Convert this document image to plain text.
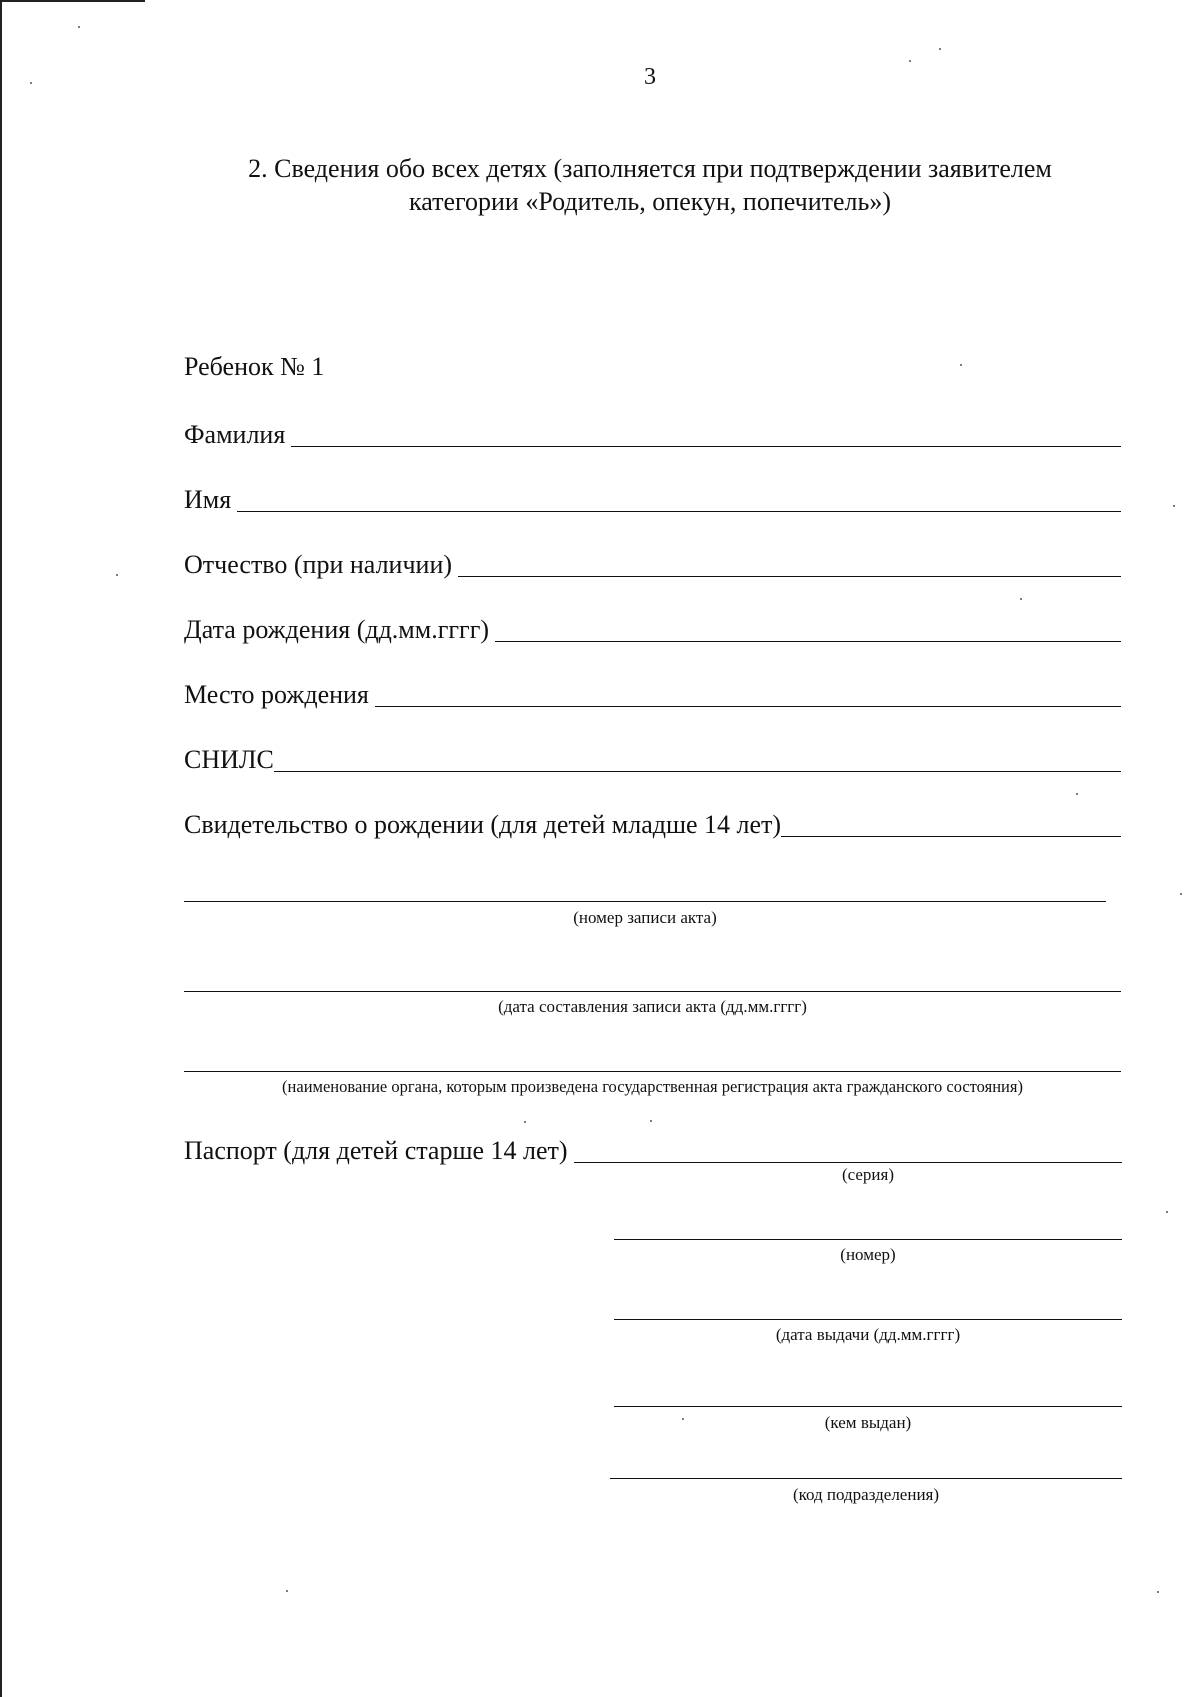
3
2. Сведения обо всех детях (заполняется при подтверждении заявителем
категории «Родитель, опекун, попечитель»)
Ребенок № 1
Фамилия
Имя
Отчество (при наличии)
Дата рождения (дд.мм.гггг)
Место рождения
СНИЛС
Свидетельство о рождении (для детей младше 14 лет)
(номер записи акта)
(дата составления записи акта (дд.мм.гггг)
(наименование органа, которым произведена государственная регистрация акта гражданского состояния)
Паспорт (для детей старше 14 лет)
(серия)
(номер)
(дата выдачи (дд.мм.гггг)
(кем выдан)
(код подразделения)
